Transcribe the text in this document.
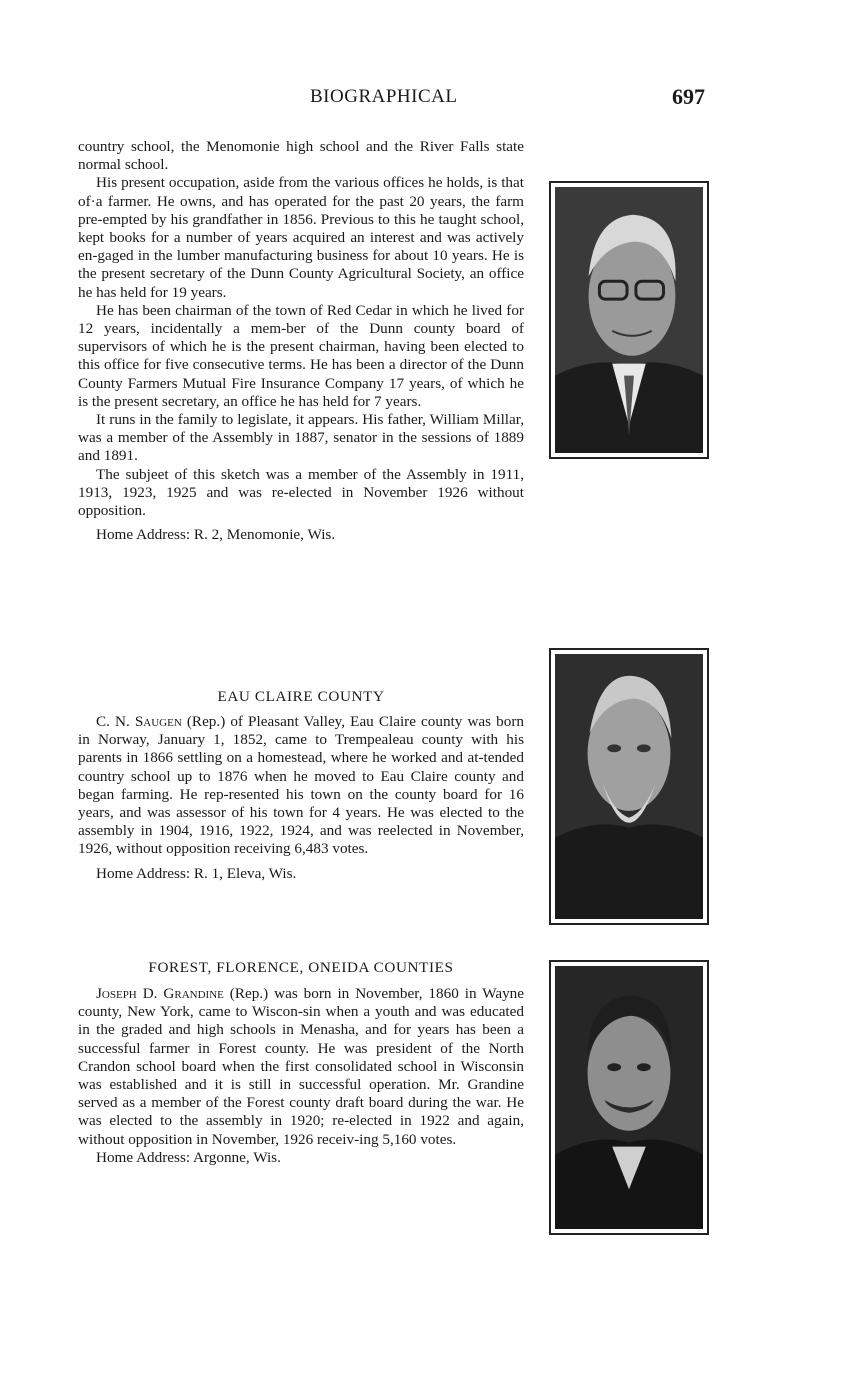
BIOGRAPHICAL	697

country school, the Menomonie high school and the River Falls state normal school.

His present occupation, aside from the various offices he holds, is that of·a farmer. He owns, and has operated for the past 20 years, the farm pre-empted by his grandfather in 1856. Previous to this he taught school, kept books for a number of years acquired an interest and was actively en-gaged in the lumber manufacturing business for about 10 years. He is the present secretary of the Dunn County Agricultural Society, an office he has held for 19 years.

He has been chairman of the town of Red Cedar in which he lived for 12 years, incidentally a mem-ber of the Dunn county board of supervisors of which he is the present chairman, having been elected to this office for five consecutive terms. He has been a director of the Dunn County Farmers Mutual Fire Insurance Company 17 years, of which he is the present secretary, an office he has held for 7 years.

It runs in the family to legislate, it appears. His father, William Millar, was a member of the Assembly in 1887, senator in the sessions of 1889 and 1891.

The subjeet of this sketch was a member of the Assembly in 1911, 1913, 1923, 1925 and was re-elected in November 1926 without opposition.

Home Address: R. 2, Menomonie, Wis.

EAU CLAIRE COUNTY

C. N. Saugen (Rep.) of Pleasant Valley, Eau Claire county was born in Norway, January 1, 1852, came to Trempealeau county with his parents in 1866 settling on a homestead, where he worked and at-tended country school up to 1876 when he moved to Eau Claire county and began farming. He rep-resented his town on the county board for 16 years, and was assessor of his town for 4 years. He was elected to the assembly in 1904, 1916, 1922, 1924, and was reelected in November, 1926, without opposition receiving 6,483 votes.

Home Address: R. 1, Eleva, Wis.

FOREST, FLORENCE, ONEIDA COUNTIES

Joseph D. Grandine (Rep.) was born in November, 1860 in Wayne county, New York, came to Wiscon-sin when a youth and was educated in the graded and high schools in Menasha, and for years has been a successful farmer in Forest county. He was president of the North Crandon school board when the first consolidated school in Wisconsin was established and it is still in successful operation. Mr. Grandine served as a member of the Forest county draft board during the war. He was elected to the assembly in 1920; re-elected in 1922 and again, without opposition in November, 1926 receiv-ing 5,160 votes.

Home Address: Argonne, Wis.
